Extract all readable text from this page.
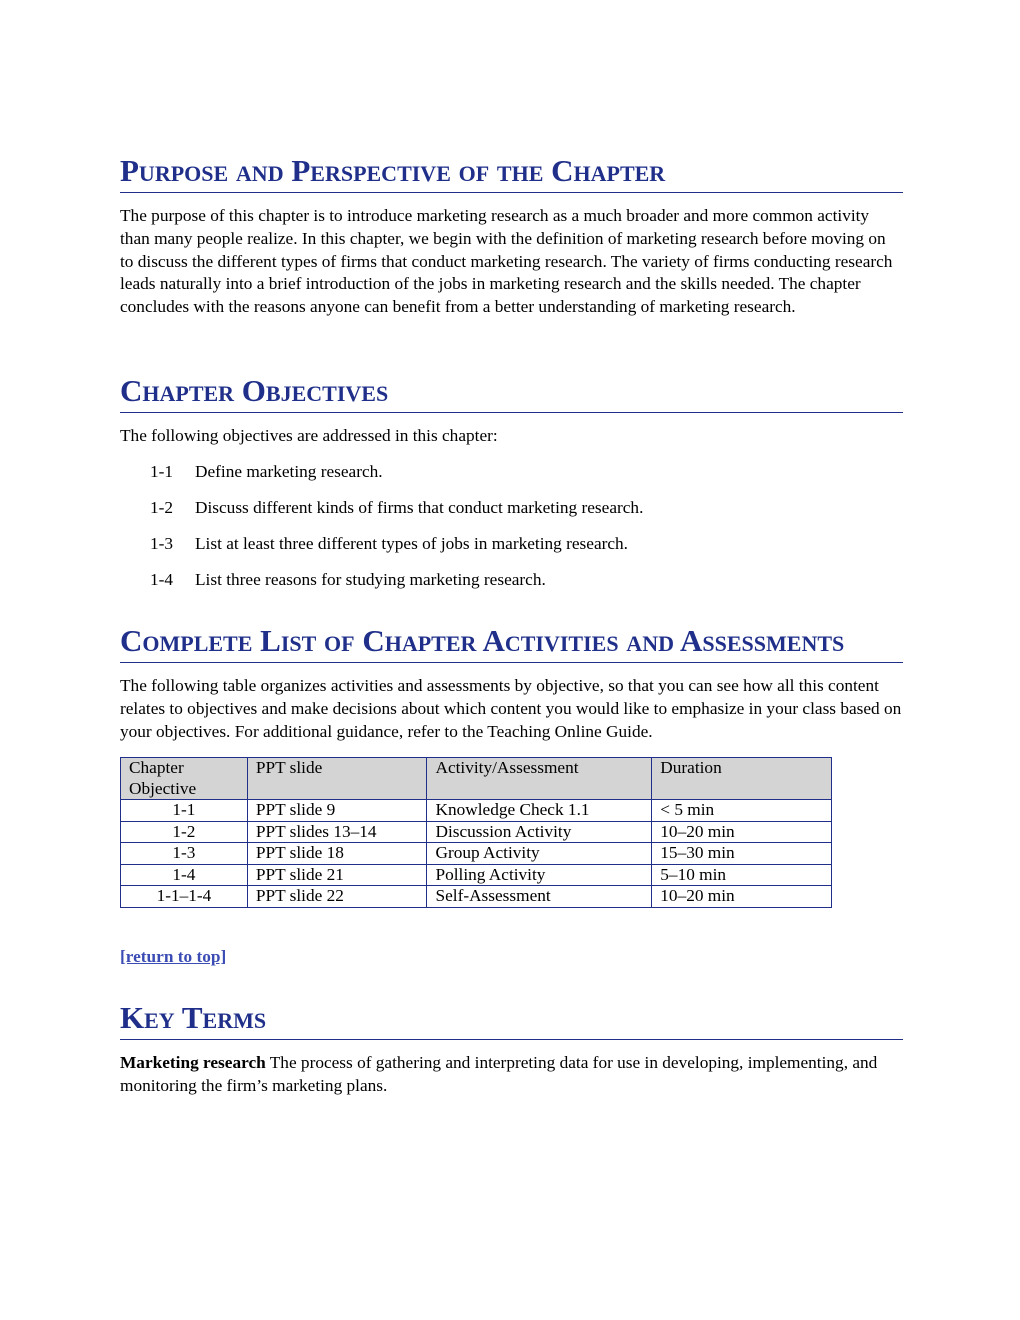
Purpose and Perspective of the Chapter

The purpose of this chapter is to introduce marketing research as a much broader and more common activity than many people realize. In this chapter, we begin with the definition of marketing research before moving on to discuss the different types of firms that conduct marketing research. The variety of firms conducting research leads naturally into a brief introduction of the jobs in marketing research and the skills needed. The chapter concludes with the reasons anyone can benefit from a better understanding of marketing research.

Chapter Objectives

The following objectives are addressed in this chapter:

1-1 Define marketing research.
1-2 Discuss different kinds of firms that conduct marketing research.
1-3 List at least three different types of jobs in marketing research.
1-4 List three reasons for studying marketing research.
Complete List of Chapter Activities and Assessments

The following table organizes activities and assessments by objective, so that you can see how all this content relates to objectives and make decisions about which content you would like to emphasize in your class based on your objectives. For additional guidance, refer to the Teaching Online Guide.

Chapter Objective	PPT slide	Activity/Assessment	Duration
1-1	PPT slide 9	Knowledge Check 1.1	< 5 min
1-2	PPT slides 13–14	Discussion Activity	10–20 min
1-3	PPT slide 18	Group Activity	15–30 min
1-4	PPT slide 21	Polling Activity	5–10 min
1-1–1-4	PPT slide 22	Self-Assessment	10–20 min
[return to top]
Key Terms

Marketing research The process of gathering and interpreting data for use in developing, implementing, and monitoring the firm’s marketing plans.
